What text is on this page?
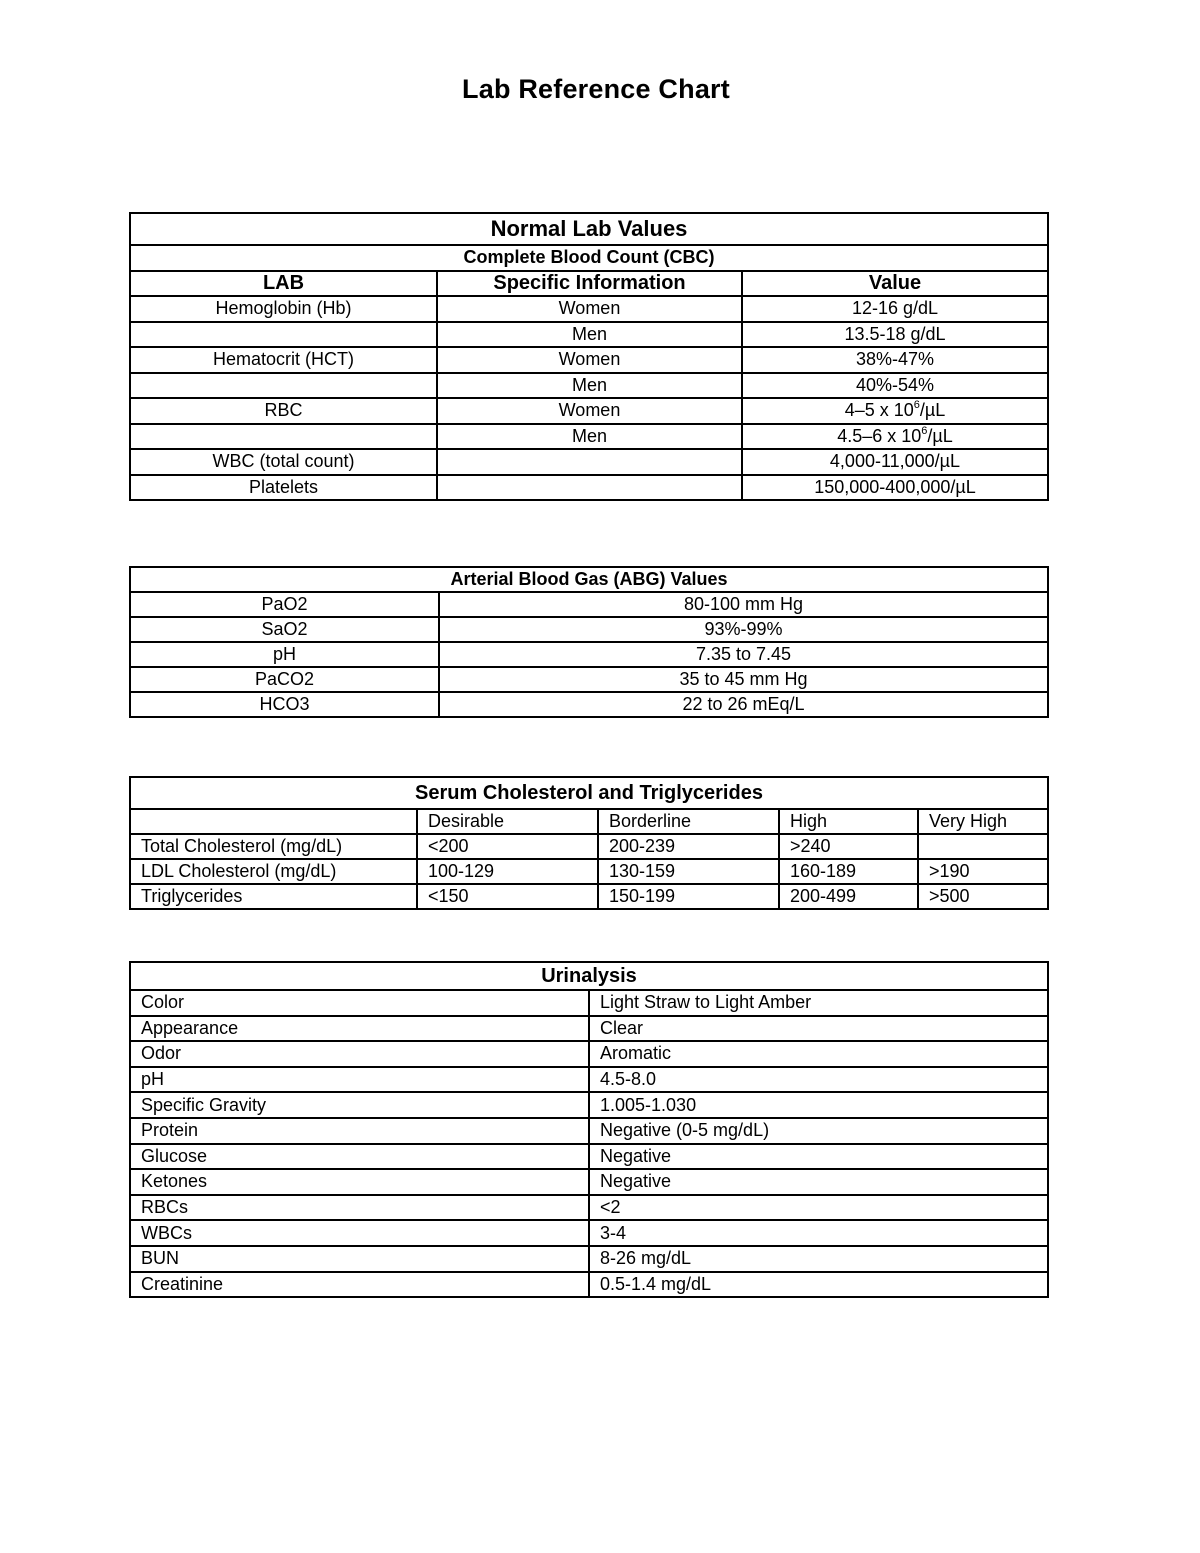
Lab Reference Chart
Normal Lab Values		
Complete Blood Count (CBC)		
LAB	Specific Information	Value
Hemoglobin (Hb)	Women	12-16 g/dL
	Men	13.5-18 g/dL
Hematocrit (HCT)	Women	38%-47%
	Men	40%-54%
RBC	Women	4–5 x $10^6/\mu L$
	Men	4.5–6 x $10^6/\mu L$
WBC (total count)		4,000-11,000/µL
Platelets		150,000-400,000/µL
Arterial Blood Gas (ABG) Values	
PaO2	80-100 mm Hg
SaO2	93%-99%
pH	7.35 to 7.45
PaCO2	35 to 45 mm Hg
HCO3	22 to 26 mEq/L
Serum Cholesterol and Triglycerides				
	Desirable	Borderline	High	Very High
Total Cholesterol (mg/dL)	<200	200-239	>240	
LDL Cholesterol (mg/dL)	100-129	130-159	160-189	>190
Triglycerides	<150	150-199	200-499	>500
Urinalysis	
Color	Light Straw to Light Amber
Appearance	Clear
Odor	Aromatic
pH	4.5-8.0
Specific Gravity	1.005-1.030
Protein	Negative (0-5 mg/dL)
Glucose	Negative
Ketones	Negative
RBCs	<2
WBCs	3-4
BUN	8-26 mg/dL
Creatinine	0.5-1.4 mg/dL
